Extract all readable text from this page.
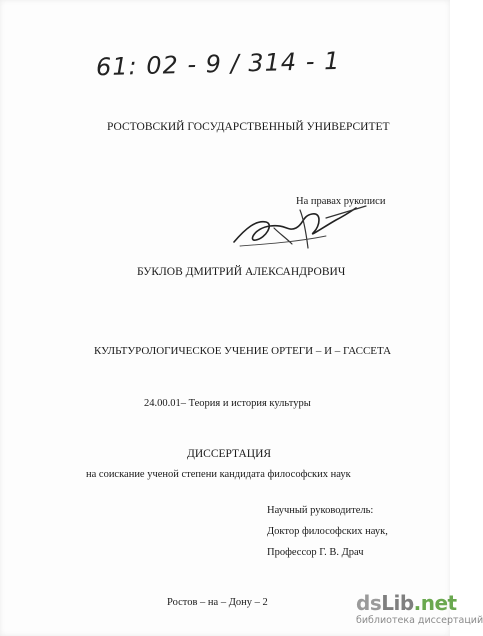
61: 02 - 9 / 314 - 1
РОСТОВСКИЙ ГОСУДАРСТВЕННЫЙ УНИВЕРСИТЕТ
На правах рукописи
БУКЛОВ ДМИТРИЙ АЛЕКСАНДРОВИЧ
КУЛЬТУРОЛОГИЧЕСКОЕ УЧЕНИЕ ОРТЕГИ – И – ГАССЕТА
24.00.01– Теория и история культуры
ДИССЕРТАЦИЯ
на соискание ученой степени кандидата философских наук
Научный руководитель:
Доктор философских наук,
Профессор Г. В. Драч
Ростов – на – Дону – 2	dsLib.net
библиотека диссертаций
